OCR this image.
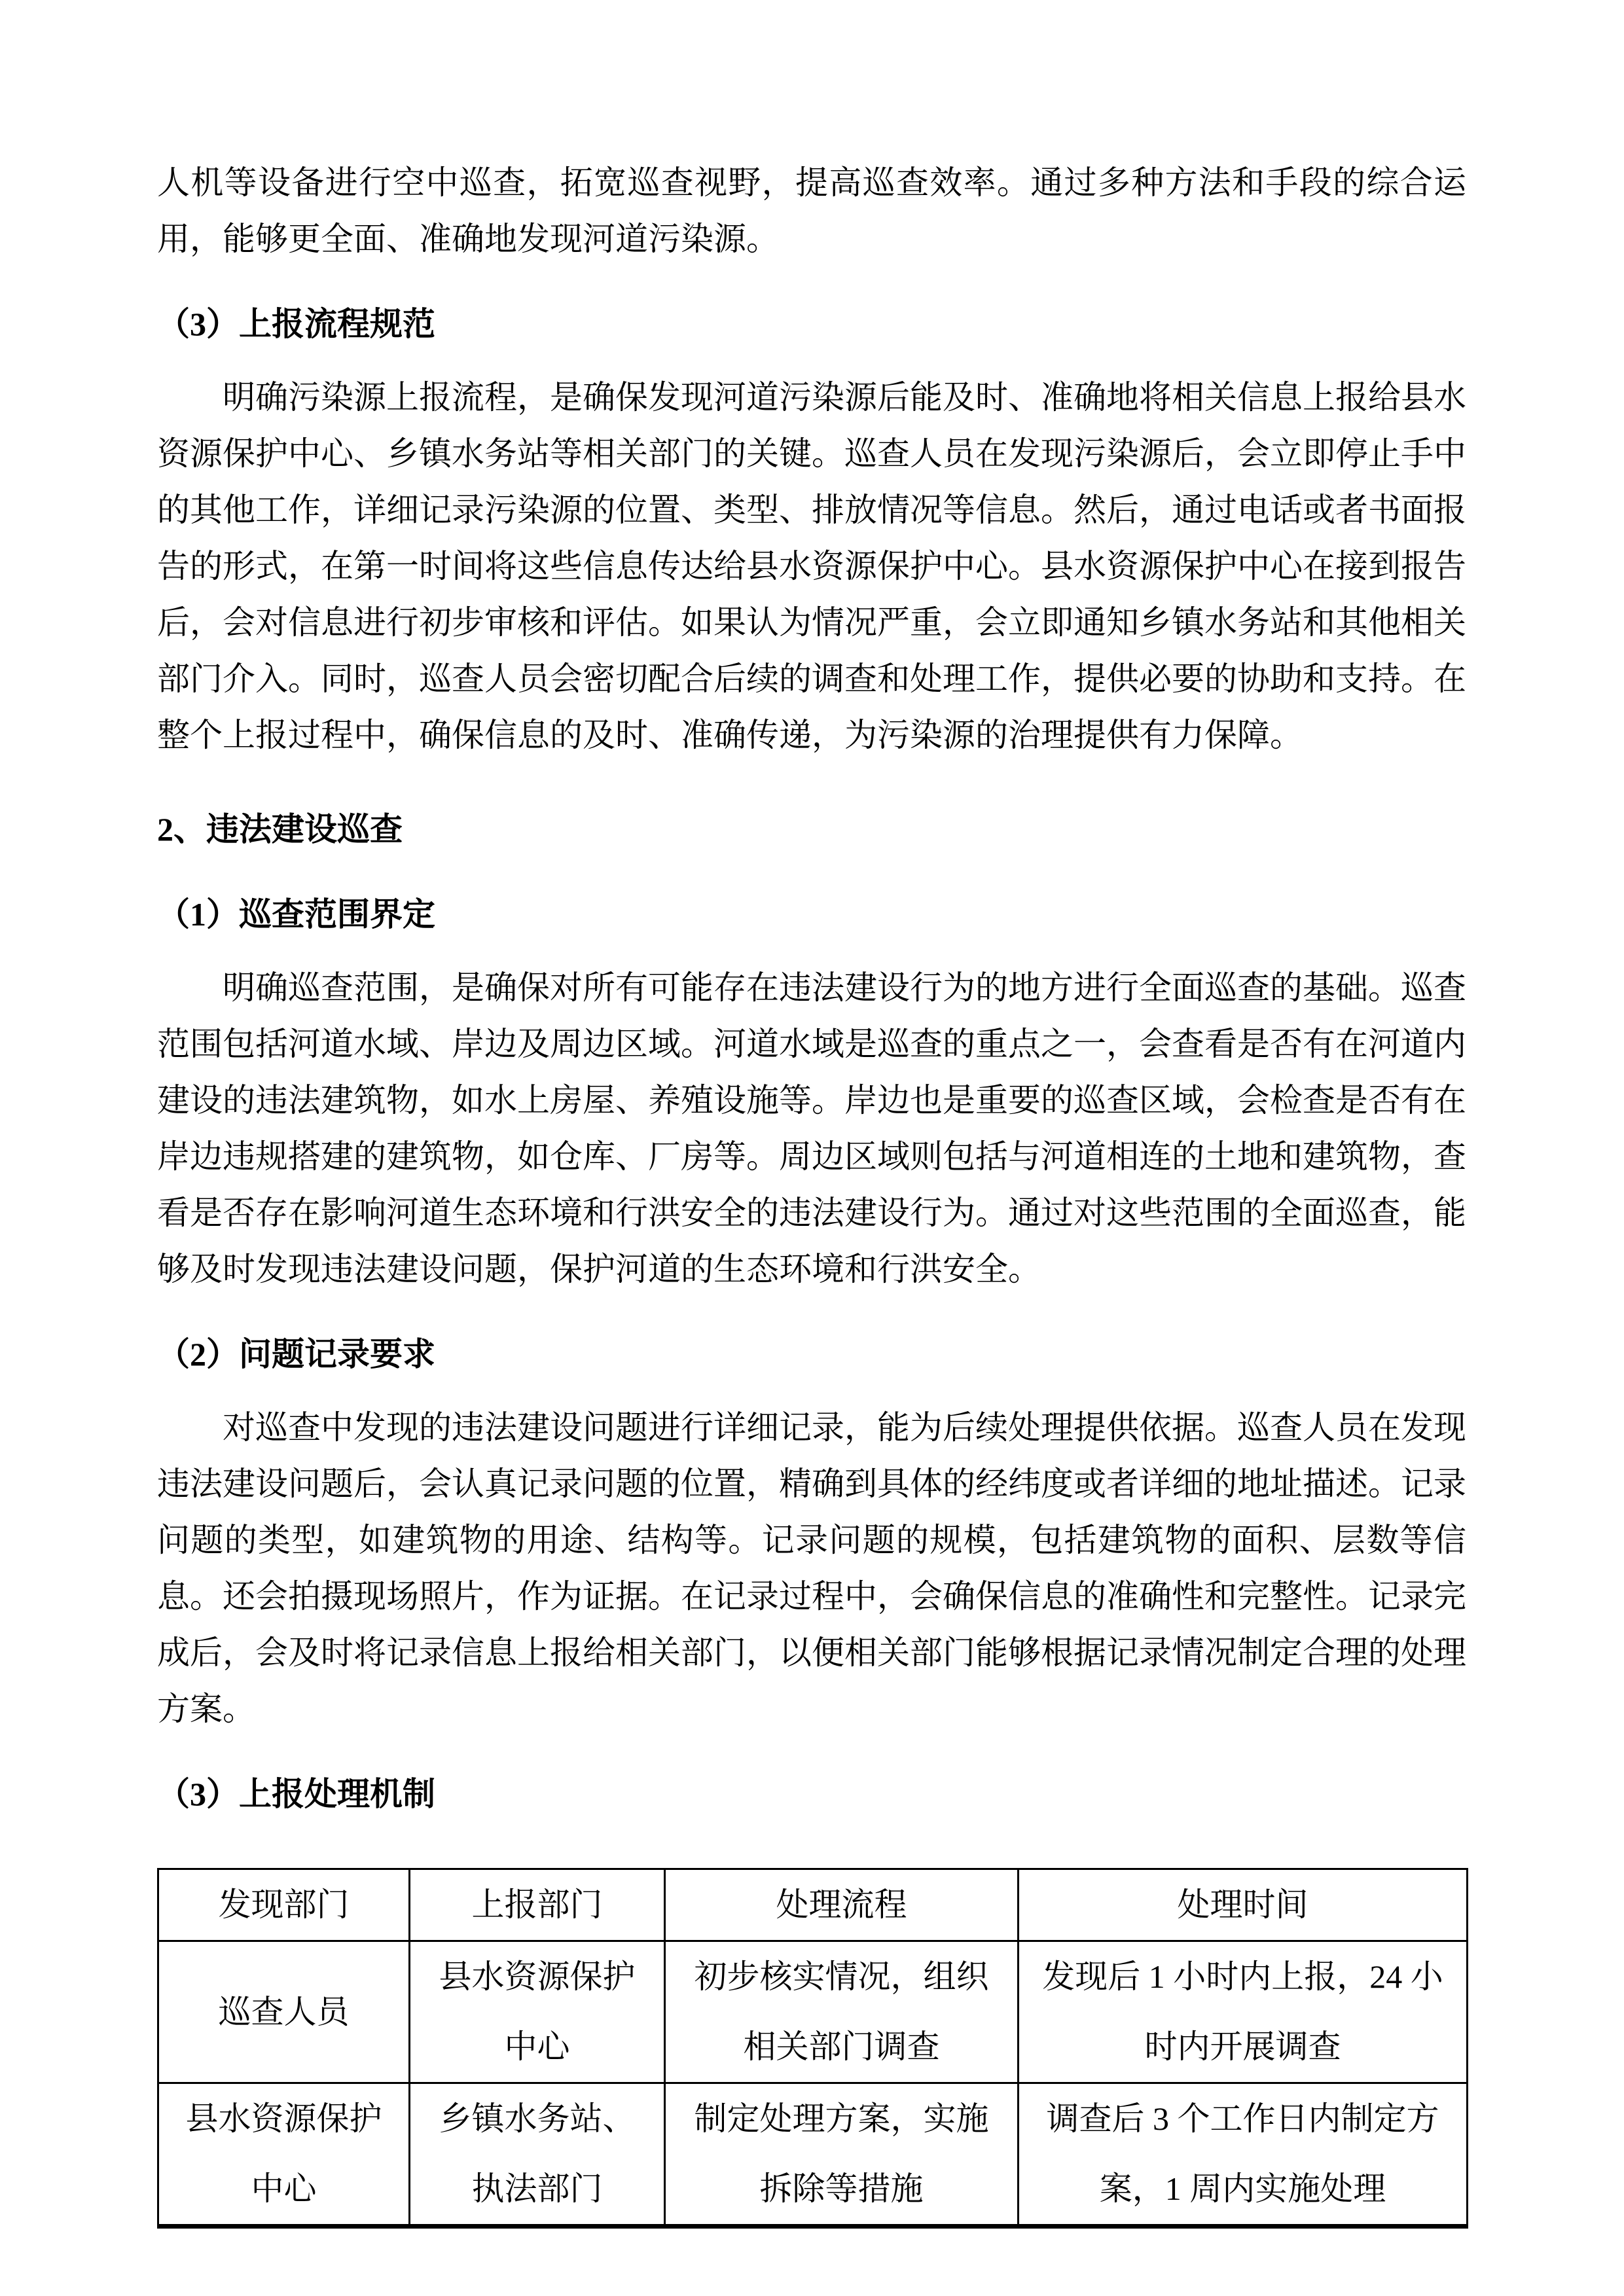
人机等设备进行空中巡查，拓宽巡查视野，提高巡查效率。通过多种方法和手段的综合运用，能够更全面、准确地发现河道污染源。

（3）上报流程规范

明确污染源上报流程，是确保发现河道污染源后能及时、准确地将相关信息上报给县水资源保护中心、乡镇水务站等相关部门的关键。巡查人员在发现污染源后，会立即停止手中的其他工作，详细记录污染源的位置、类型、排放情况等信息。然后，通过电话或者书面报告的形式，在第一时间将这些信息传达给县水资源保护中心。县水资源保护中心在接到报告后，会对信息进行初步审核和评估。如果认为情况严重，会立即通知乡镇水务站和其他相关部门介入。同时，巡查人员会密切配合后续的调查和处理工作，提供必要的协助和支持。在整个上报过程中，确保信息的及时、准确传递，为污染源的治理提供有力保障。

2、违法建设巡查
（1）巡查范围界定

明确巡查范围，是确保对所有可能存在违法建设行为的地方进行全面巡查的基础。巡查范围包括河道水域、岸边及周边区域。河道水域是巡查的重点之一，会查看是否有在河道内建设的违法建筑物，如水上房屋、养殖设施等。岸边也是重要的巡查区域，会检查是否有在岸边违规搭建的建筑物，如仓库、厂房等。周边区域则包括与河道相连的土地和建筑物，查看是否存在影响河道生态环境和行洪安全的违法建设行为。通过对这些范围的全面巡查，能够及时发现违法建设问题，保护河道的生态环境和行洪安全。

（2）问题记录要求

对巡查中发现的违法建设问题进行详细记录，能为后续处理提供依据。巡查人员在发现违法建设问题后，会认真记录问题的位置，精确到具体的经纬度或者详细的地址描述。记录问题的类型，如建筑物的用途、结构等。记录问题的规模，包括建筑物的面积、层数等信息。还会拍摄现场照片，作为证据。在记录过程中，会确保信息的准确性和完整性。记录完成后，会及时将记录信息上报给相关部门，以便相关部门能够根据记录情况制定合理的处理方案。

（3）上报处理机制
发现部门	上报部门	处理流程	处理时间
巡查人员	县水资源保护中心	初步核实情况，组织相关部门调查	发现后 1 小时内上报，24 小时内开展调查
县水资源保护中心	乡镇水务站、执法部门	制定处理方案，实施拆除等措施	调查后 3 个工作日内制定方案，1 周内实施处理
